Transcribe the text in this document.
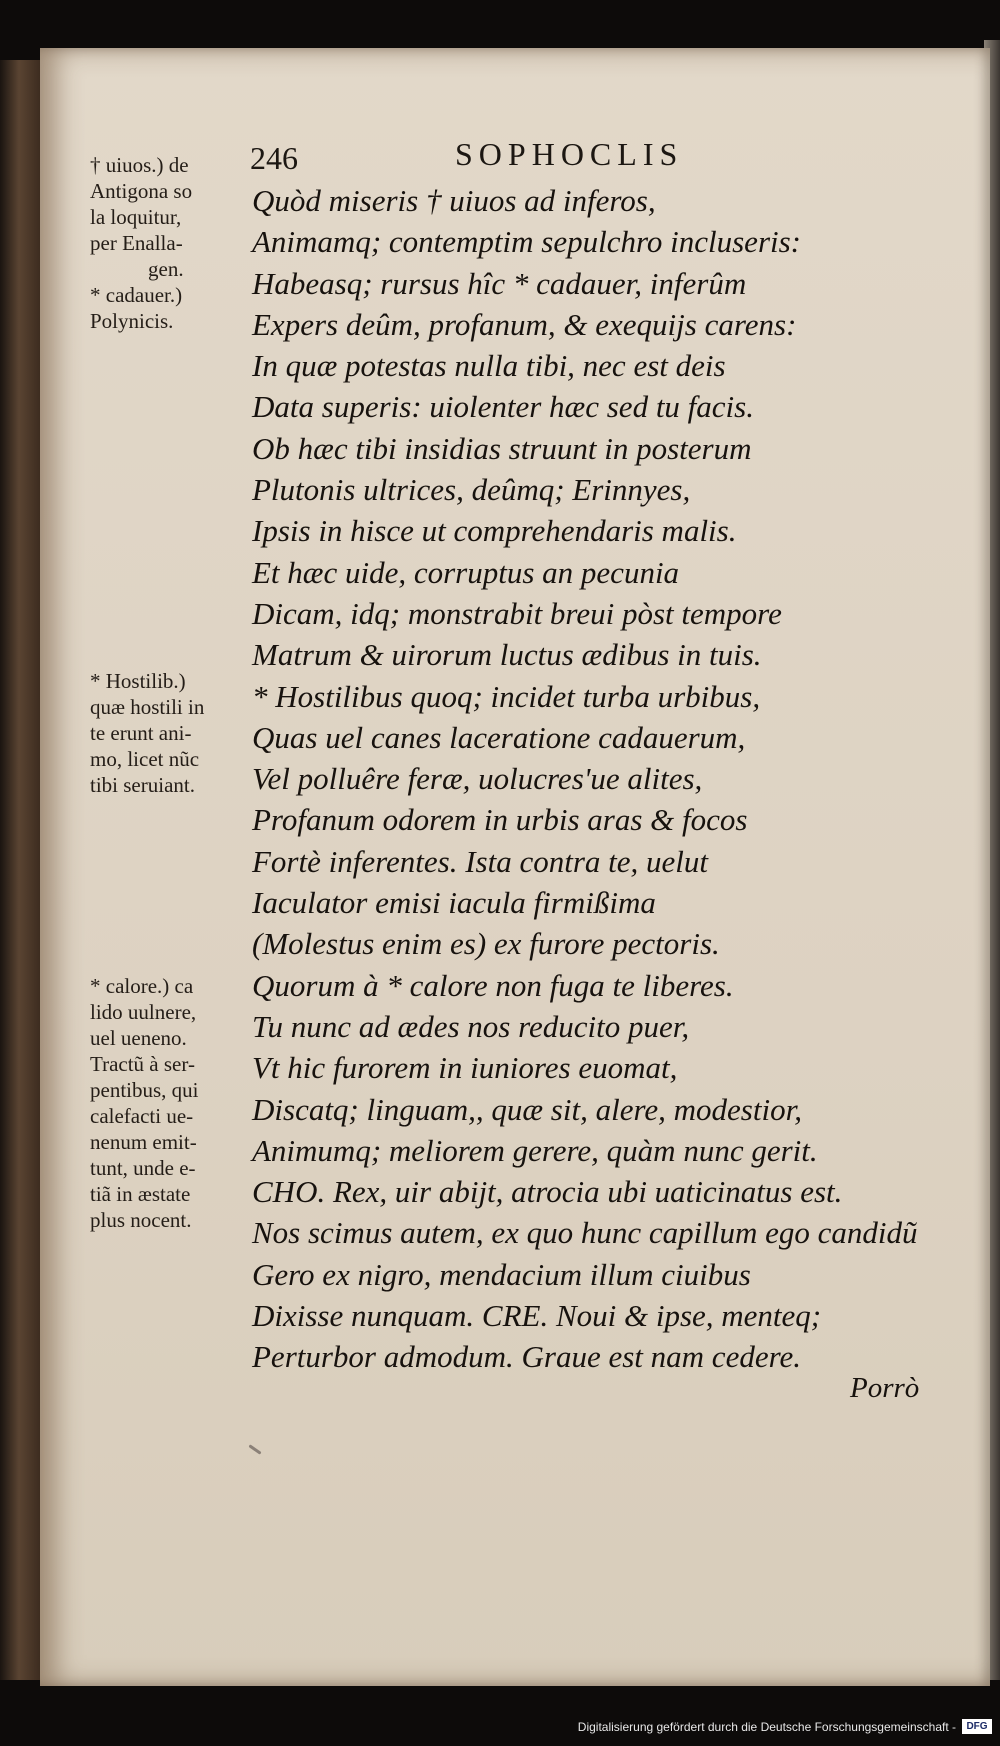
246	SOPHOCLIS
† uiuos.) de
Antigona so
la loquitur,
per Enalla-
gen.
* cadauer.)
Polynicis.
* Hostilib.)
quæ hostili in
te erunt ani-
mo, licet nũc
tibi seruiant.
* calore.) ca
lido uulnere,
uel ueneno.
Tractũ à ser-
pentibus, qui
calefacti ue-
nenum emit-
tunt, unde e-
tiã in æstate
plus nocent.
Quòd miseris † uiuos ad inferos,
Animamq; contemptim sepulchro incluseris:
Habeasq; rursus hîc * cadauer, inferûm
Expers deûm, profanum, & exequijs carens:
In quæ potestas nulla tibi, nec est deis
Data superis: uiolenter hæc sed tu facis.
Ob hæc tibi insidias struunt in posterum
Plutonis ultrices, deûmq; Erinnyes,
Ipsis in hisce ut comprehendaris malis.
Et hæc uide, corruptus an pecunia
Dicam, idq; monstrabit breui pòst tempore
Matrum & uirorum luctus ædibus in tuis.
* Hostilibus quoq; incidet turba urbibus,
Quas uel canes laceratione cadauerum,
Vel polluêre feræ, uolucres'ue alites,
Profanum odorem in urbis aras & focos
Fortè inferentes. Ista contra te, uelut
Iaculator emisi iacula firmißima
(Molestus enim es) ex furore pectoris.
Quorum à * calore non fuga te liberes.
Tu nunc ad ædes nos reducito puer,
Vt hic furorem in iuniores euomat,
Discatq; linguam,, quæ sit, alere, modestior,
Animumq; meliorem gerere, quàm nunc gerit.
CHO. Rex, uir abijt, atrocia ubi uaticinatus est.
Nos scimus autem, ex quo hunc capillum ego candidũ
Gero ex nigro, mendacium illum ciuibus
Dixisse nunquam. CRE. Noui & ipse, menteq;
Perturbor admodum. Graue est nam cedere.
Porrò
Digitalisierung gefördert durch die Deutsche Forschungsgemeinschaft -	DFG
